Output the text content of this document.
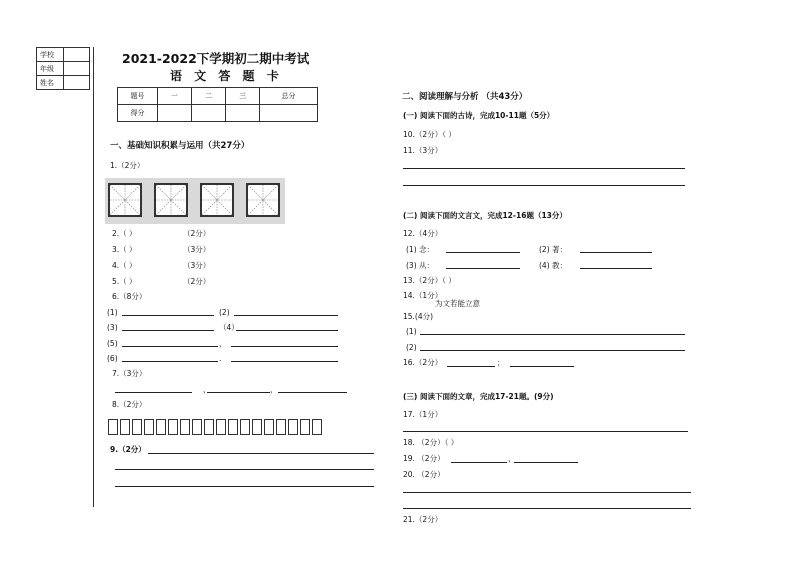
学校	
年级	
姓名	
2021-2022下学期初二期中考试
语 文 答 题 卡
题号	一	二	三	总分
得分				
一、基础知识积累与运用（共27分）
1.（2分）
2.（ ）	（2分）
3.（ ）	（3分）
4.（ ）	（3分）
5.（ ）	（2分）
6.（8分）
(1)	(2)
(3)	（4）
(5)	，
(6)	.
7.（3分）
，	，
8.（2分）
9.（2分）
二、阅读理解与分析 （共43分）
(一) 阅读下面的古诗，完成10-11题（5分）
10.（2分）（ ）
11.（3分）
(二) 阅读下面的文言文，完成12-16题（13分）
12.（4分）
(1) 念：	(2) 著：
(3) 从：	(4) 教：
13.（2分）（ ）
14.（1分）
为文若能立意
15.(4分)
(1)
(2)
16.（2分）	；
(三) 阅读下面的文章，完成17-21题。(9分)
17.（1分）
18. （2分）（ ）
19. （2分）	，
20. （2分）
21.（2分）
